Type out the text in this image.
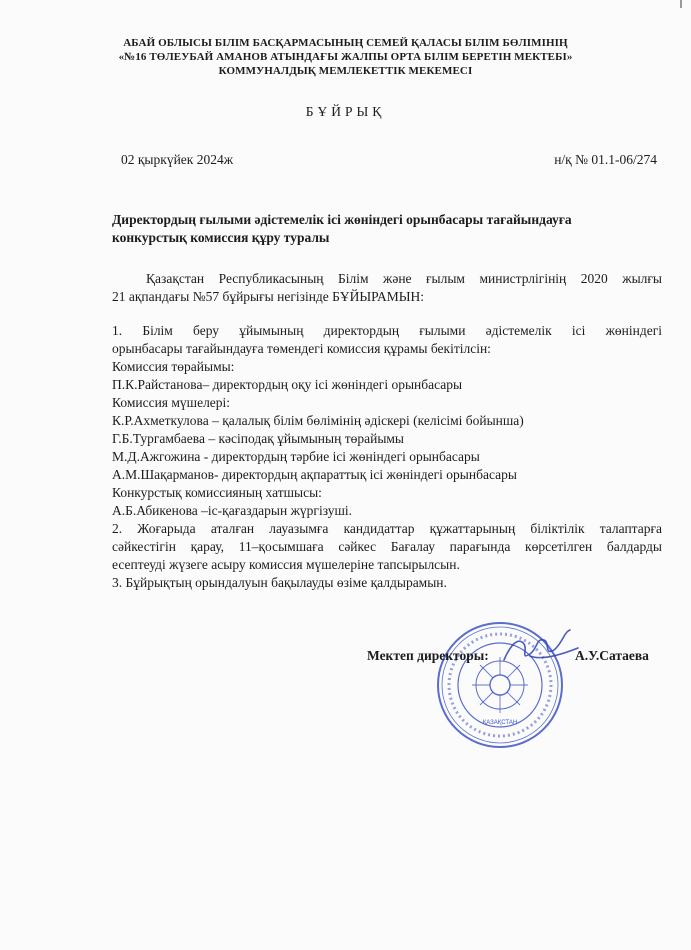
АБАЙ ОБЛЫСЫ БІЛІМ БАСҚАРМАСЫНЫҢ СЕМЕЙ ҚАЛАСЫ БІЛІМ БӨЛІМІНІҢ
«№16 ТӨЛЕУБАЙ АМАНОВ АТЫНДАҒЫ ЖАЛПЫ ОРТА БІЛІМ БЕРЕТІН МЕКТЕБІ»
КОММУНАЛДЫҚ МЕМЛЕКЕТТІК МЕКЕМЕСІ
БҰЙРЫҚ
02 қыркүйек 2024ж	н/қ № 01.1-06/274
Директордың ғылыми әдістемелік ісі жөніндегі орынбасары тағайындауға
конкурстық комиссия құру туралы
Қазақстан Республикасының Білім және ғылым министрлігінің 2020 жылғы
21 ақпандағы №57 бұйрығы негізінде БҰЙЫРАМЫН:
1. Білім беру ұйымының директордың ғылыми әдістемелік ісі жөніндегі
орынбасары тағайындауға төмендегі комиссия құрамы бекітілсін:
Комиссия төрайымы:
П.К.Райстанова– директордың оқу ісі жөніндегі орынбасары
Комиссия мүшелері:
К.Р.Ахметкулова – қалалық білім бөлімінің әдіскері (келісімі бойынша)
Г.Б.Тургамбаева – кәсіподақ ұйымының төрайымы
М.Д.Ажгожина - директордың тәрбие ісі жөніндегі орынбасары
А.М.Шақарманов- директордың ақпараттық ісі жөніндегі орынбасары
Конкурстық комиссияның хатшысы:
А.Б.Абикенова –іс-қағаздарын жүргізуші.
2. Жоғарыда аталған лауазымға кандидаттар құжаттарының біліктілік талаптарға
сәйкестігін қарау, 11–қосымшаға сәйкес Бағалау парағында көрсетілген балдарды
есептеуді жүзеге асыру комиссия мүшелеріне тапсырылсын.
3. Бұйрықтың орындалуын бақылауды өзіме қалдырамын.
ҚАЗАҚСТАН
Мектеп директоры:	А.У.Сатаева
